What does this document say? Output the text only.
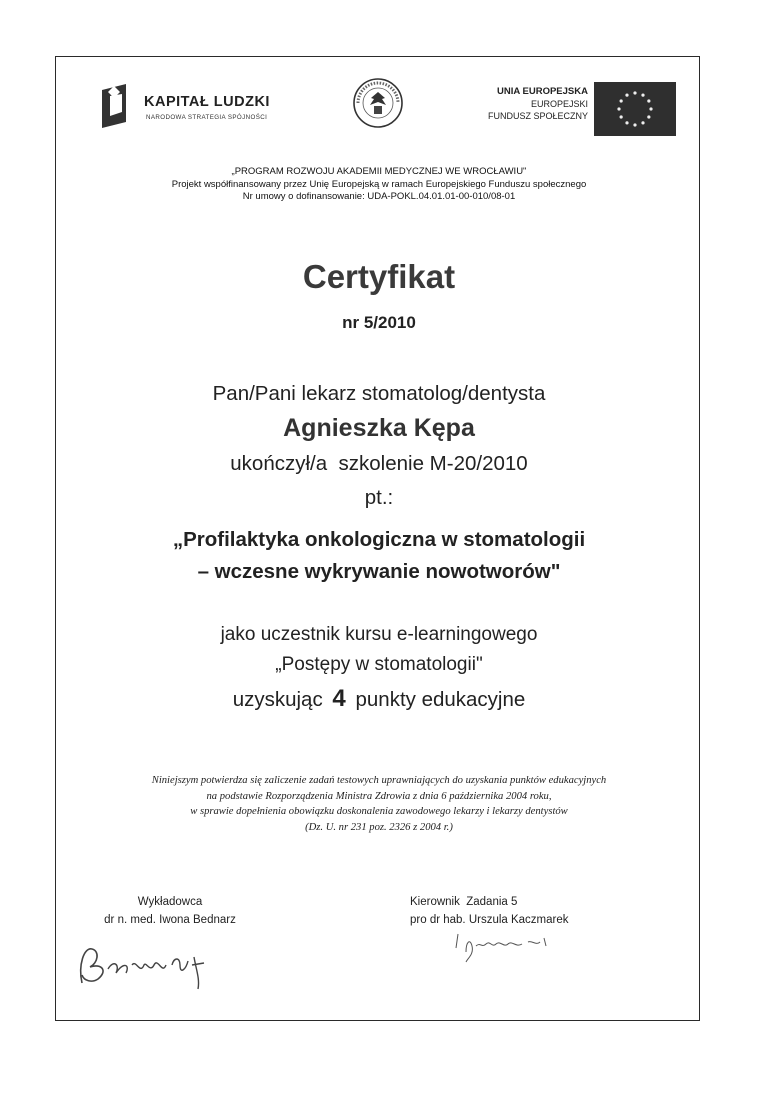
KAPITAŁ LUDZKI
NARODOWA STRATEGIA SPÓJNOŚCI
UNIA EUROPEJSKA
EUROPEJSKI
FUNDUSZ SPOŁECZNY
„PROGRAM ROZWOJU AKADEMII MEDYCZNEJ WE WROCŁAWIU"
Projekt współfinansowany przez Unię Europejską w ramach Europejskiego Funduszu społecznego
Nr umowy o dofinansowanie: UDA-POKL.04.01.01-00-010/08-01
Certyfikat
nr 5/2010
Pan/Pani lekarz stomatolog/dentysta
Agnieszka Kępa
ukończył/a  szkolenie M-20/2010
pt.:
„Profilaktyka onkologiczna w stomatologii
– wczesne wykrywanie nowotworów"
jako uczestnik kursu e-learningowego
„Postępy w stomatologii"
uzyskując 4 punkty edukacyjne
Niniejszym potwierdza się zaliczenie zadań testowych uprawniających do uzyskania punktów edukacyjnych
na podstawie Rozporządzenia Ministra Zdrowia z dnia 6 października 2004 roku,
w sprawie dopełnienia obowiązku doskonalenia zawodowego lekarzy i lekarzy dentystów
(Dz. U. nr 231 poz. 2326 z 2004 r.)
Wykładowca
dr n. med. Iwona Bednarz
Kierownik  Zadania 5
pro dr hab. Urszula Kaczmarek
